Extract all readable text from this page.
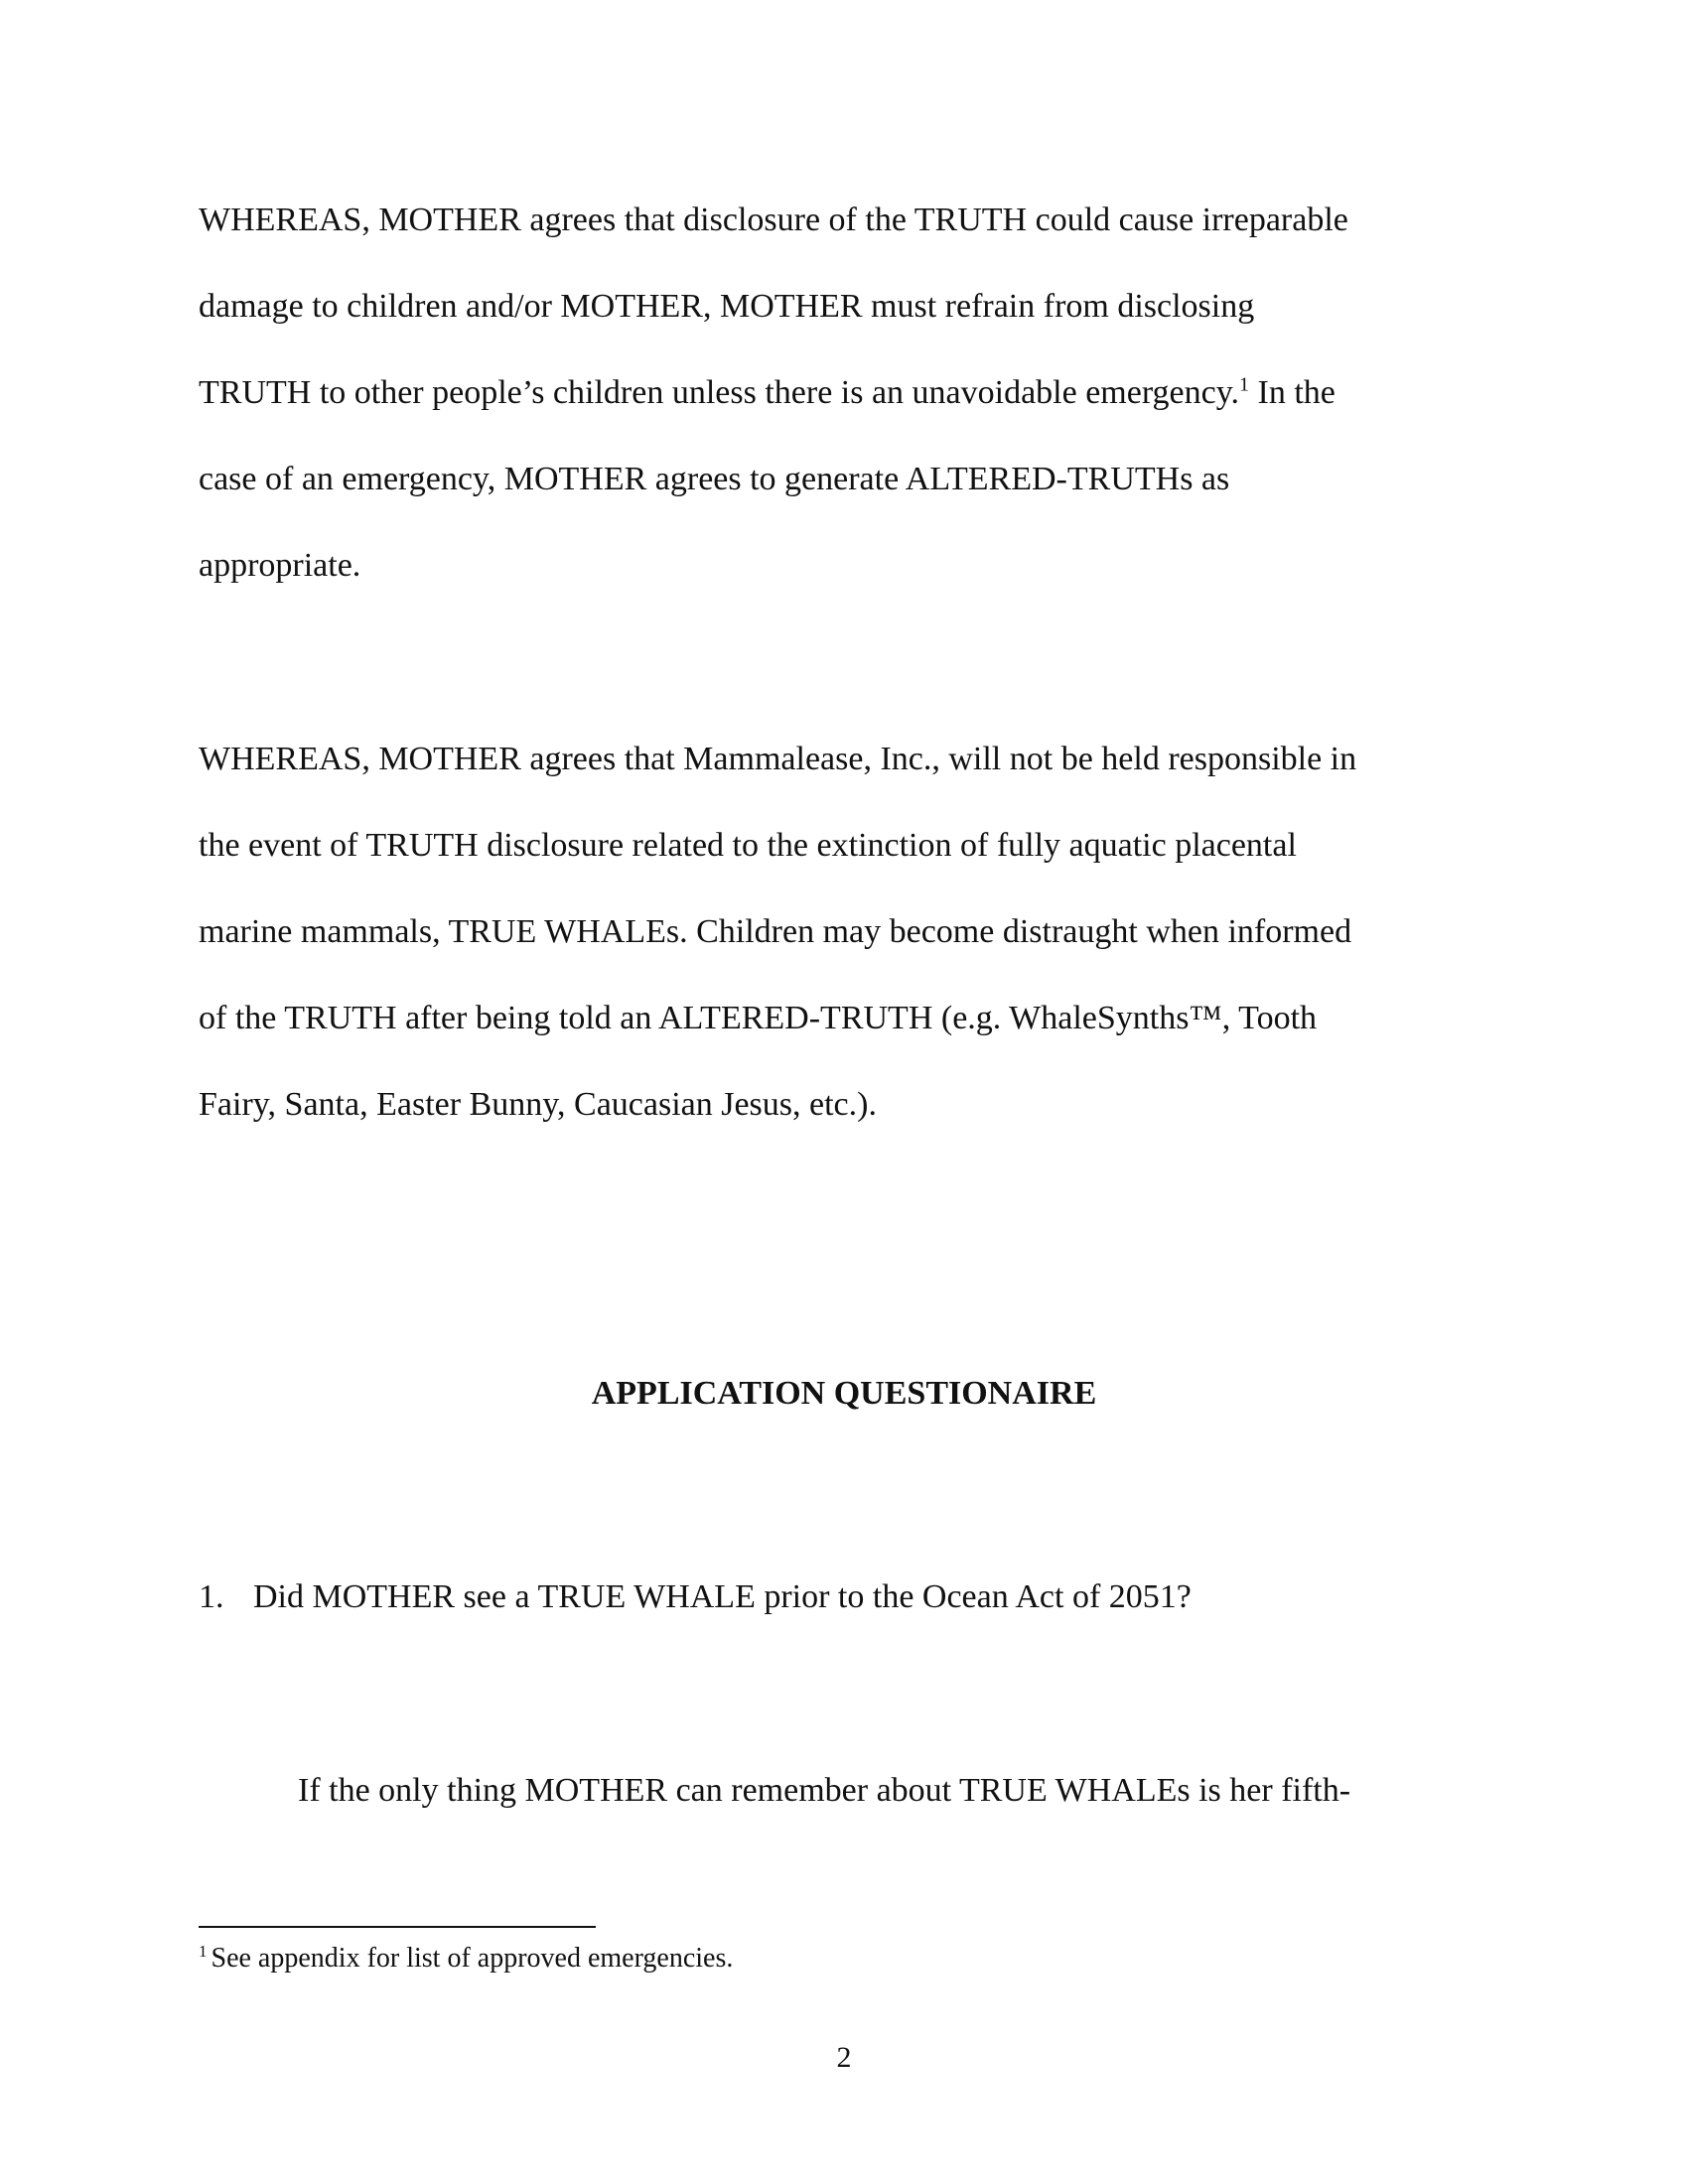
WHEREAS, MOTHER agrees that disclosure of the TRUTH could cause irreparable
damage to children and/or MOTHER, MOTHER must refrain from disclosing
TRUTH to other people’s children unless there is an unavoidable emergency.$^1$ In the
case of an emergency, MOTHER agrees to generate ALTERED-TRUTHs as
appropriate.
WHEREAS, MOTHER agrees that Mammalease, Inc., will not be held responsible in
the event of TRUTH disclosure related to the extinction of fully aquatic placental
marine mammals, TRUE WHALEs. Children may become distraught when informed
of the TRUTH after being told an ALTERED-TRUTH (e.g. WhaleSynths™, Tooth
Fairy, Santa, Easter Bunny, Caucasian Jesus, etc.).
APPLICATION QUESTIONAIRE
1. Did MOTHER see a TRUE WHALE prior to the Ocean Act of 2051?
If the only thing MOTHER can remember about TRUE WHALEs is her fifth-
$^1$ See appendix for list of approved emergencies.
2
